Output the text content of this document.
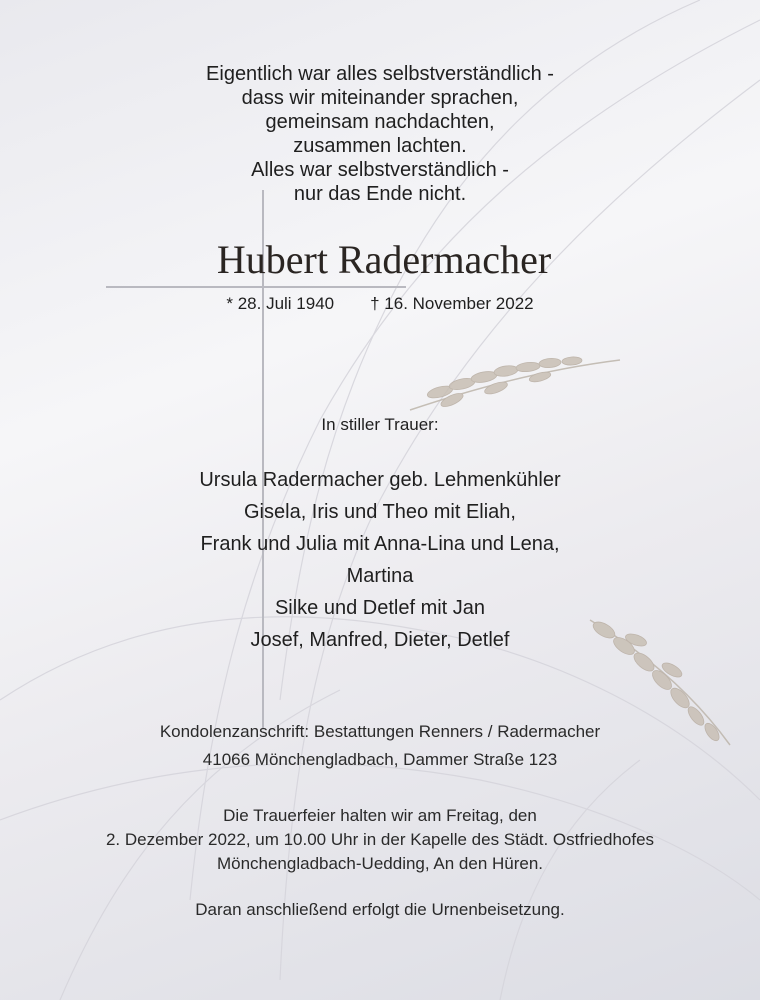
Eigentlich war alles selbstverständlich -
dass wir miteinander sprachen,
gemeinsam nachdachten,
zusammen lachten.
Alles war selbstverständlich -
nur das Ende nicht.
Hubert Radermacher
* 28. Juli 1940 † 16. November 2022
In stiller Trauer:
Ursula Radermacher geb. Lehmenkühler
Gisela, Iris und Theo mit Eliah,
Frank und Julia mit Anna-Lina und Lena,
Martina
Silke und Detlef mit Jan
Josef, Manfred, Dieter, Detlef
Kondolenzanschrift: Bestattungen Renners / Radermacher
41066 Mönchengladbach, Dammer Straße 123
Die Trauerfeier halten wir am Freitag, den
2. Dezember 2022, um 10.00 Uhr in der Kapelle des Städt. Ostfriedhofes
Mönchengladbach-Uedding, An den Hüren.
Daran anschließend erfolgt die Urnenbeisetzung.
